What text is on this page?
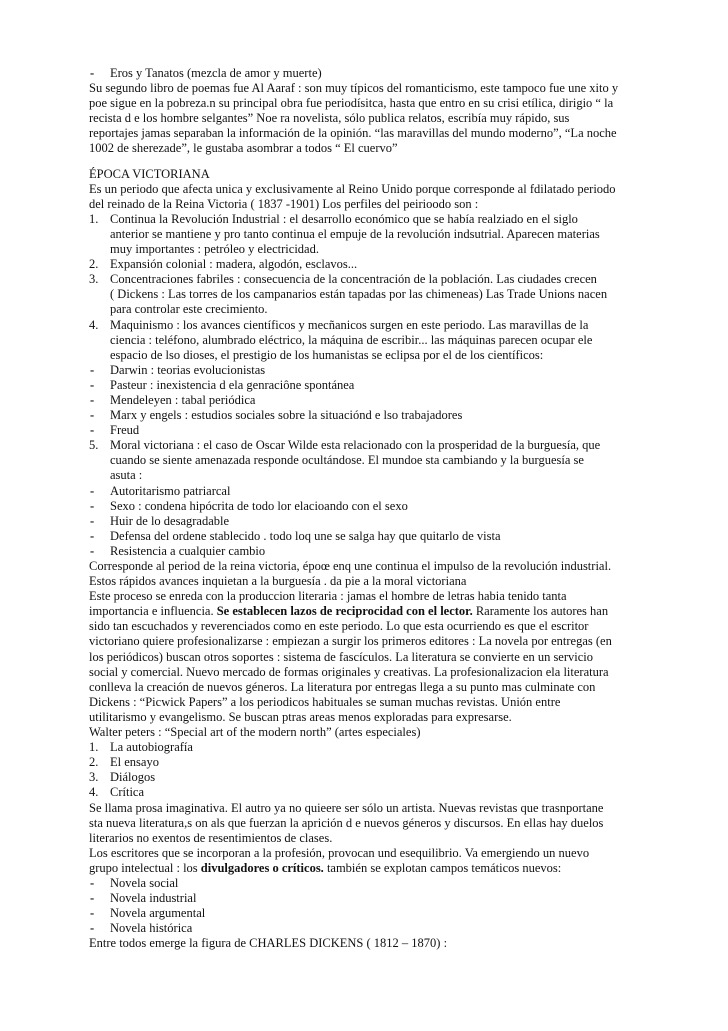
- Eros y Tanatos (mezcla de amor y muerte)
Su segundo libro de poemas fue Al Aaraf : son muy típicos del romanticismo, este tampoco fue une xito y
poe sigue en la pobreza.n su principal obra fue periodísitca, hasta que entro en su crisi etílica, dirigio “ la
recista d e los hombre selgantes” Noe ra novelista, sólo publica relatos, escribía muy rápido, sus
reportajes jamas separaban la información de la opinión. “las maravillas del mundo moderno”, “La noche
1002 de sherezade”, le gustaba asombrar a todos “ El cuervo”
ÉPOCA VICTORIANA
Es un periodo que afecta unica y exclusivamente al Reino Unido porque corresponde al fdilatado periodo
del reinado de la Reina Victoria ( 1837 -1901) Los perfiles del peirioodo son :
1. Continua la Revolución Industrial : el desarrollo económico que se había realziado en el siglo
anterior se mantiene y pro tanto continua el empuje de la revolución indsutrial. Aparecen materias
muy importantes : petróleo y electricidad.
2. Expansión colonial : madera, algodón, esclavos...
3. Concentraciones fabriles : consecuencia de la concentración de la población. Las ciudades crecen
( Dickens : Las torres de los campanarios están tapadas por las chimeneas) Las Trade Unions nacen
para controlar este crecimiento.
4. Maquinismo : los avances científicos y mecñanicos surgen en este periodo. Las maravillas de la
ciencia : teléfono, alumbrado eléctrico, la máquina de escribir... las máquinas parecen ocupar ele
espacio de lso dioses, el prestigio de los humanistas se eclipsa por el de los científicos:
- Darwin : teorias evolucionistas
- Pasteur : inexistencia d ela genraciône spontánea
- Mendeleyen : tabal periódica
- Marx y engels : estudios sociales sobre la situaciónd e lso trabajadores
- Freud
5. Moral victoriana : el caso de Oscar Wilde esta relacionado con la prosperidad de la burguesía, que
cuando se siente amenazada responde ocultándose. El mundoe sta cambiando y la burguesía se
asuta :
- Autoritarismo patriarcal
- Sexo : condena hipócrita de todo lor elacioando con el sexo
- Huir de lo desagradable
- Defensa del ordene stablecido . todo loq une se salga hay que quitarlo de vista
- Resistencia a cualquier cambio
Corresponde al period de la reina victoria, époœ enq une continua el impulso de la revolución industrial.
Estos rápidos avances inquietan a la burguesía . da pie a la moral victoriana
Este proceso se enreda con la produccion literaria : jamas el hombre de letras habia tenido tanta
importancia e influencia. Se establecen lazos de reciprocidad con el lector. Raramente los autores han
sido tan escuchados y reverenciados como en este periodo. Lo que esta ocurriendo es que el escritor
victoriano quiere profesionalizarse : empiezan a surgir los primeros editores : La novela por entregas (en
los periódicos) buscan otros soportes : sistema de fascículos. La literatura se convierte en un servicio
social y comercial. Nuevo mercado de formas originales y creativas. La profesionalizacion ela literatura
conlleva la creación de nuevos géneros. La literatura por entregas llega a su punto mas culminate con
Dickens : “Picwick Papers” a los periodicos habituales se suman muchas revistas. Unión entre
utilitarismo y evangelismo. Se buscan ptras areas menos exploradas para expresarse.
Walter peters : “Special art of the modern north” (artes especiales)
1. La autobiografía
2. El ensayo
3. Diálogos
4. Crítica
Se llama prosa imaginativa. El autro ya no quieere ser sólo un artista. Nuevas revistas que trasnportane
sta nueva literatura,s on als que fuerzan la aprición d e nuevos géneros y discursos. En ellas hay duelos
literarios no exentos de resentimientos de clases.
Los escritores que se incorporan a la profesión, provocan und esequilibrio. Va emergiendo un nuevo
grupo intelectual : los divulgadores o críticos. también se explotan campos temáticos nuevos:
- Novela social
- Novela industrial
- Novela argumental
- Novela histórica
Entre todos emerge la figura de CHARLES DICKENS ( 1812 – 1870) :
